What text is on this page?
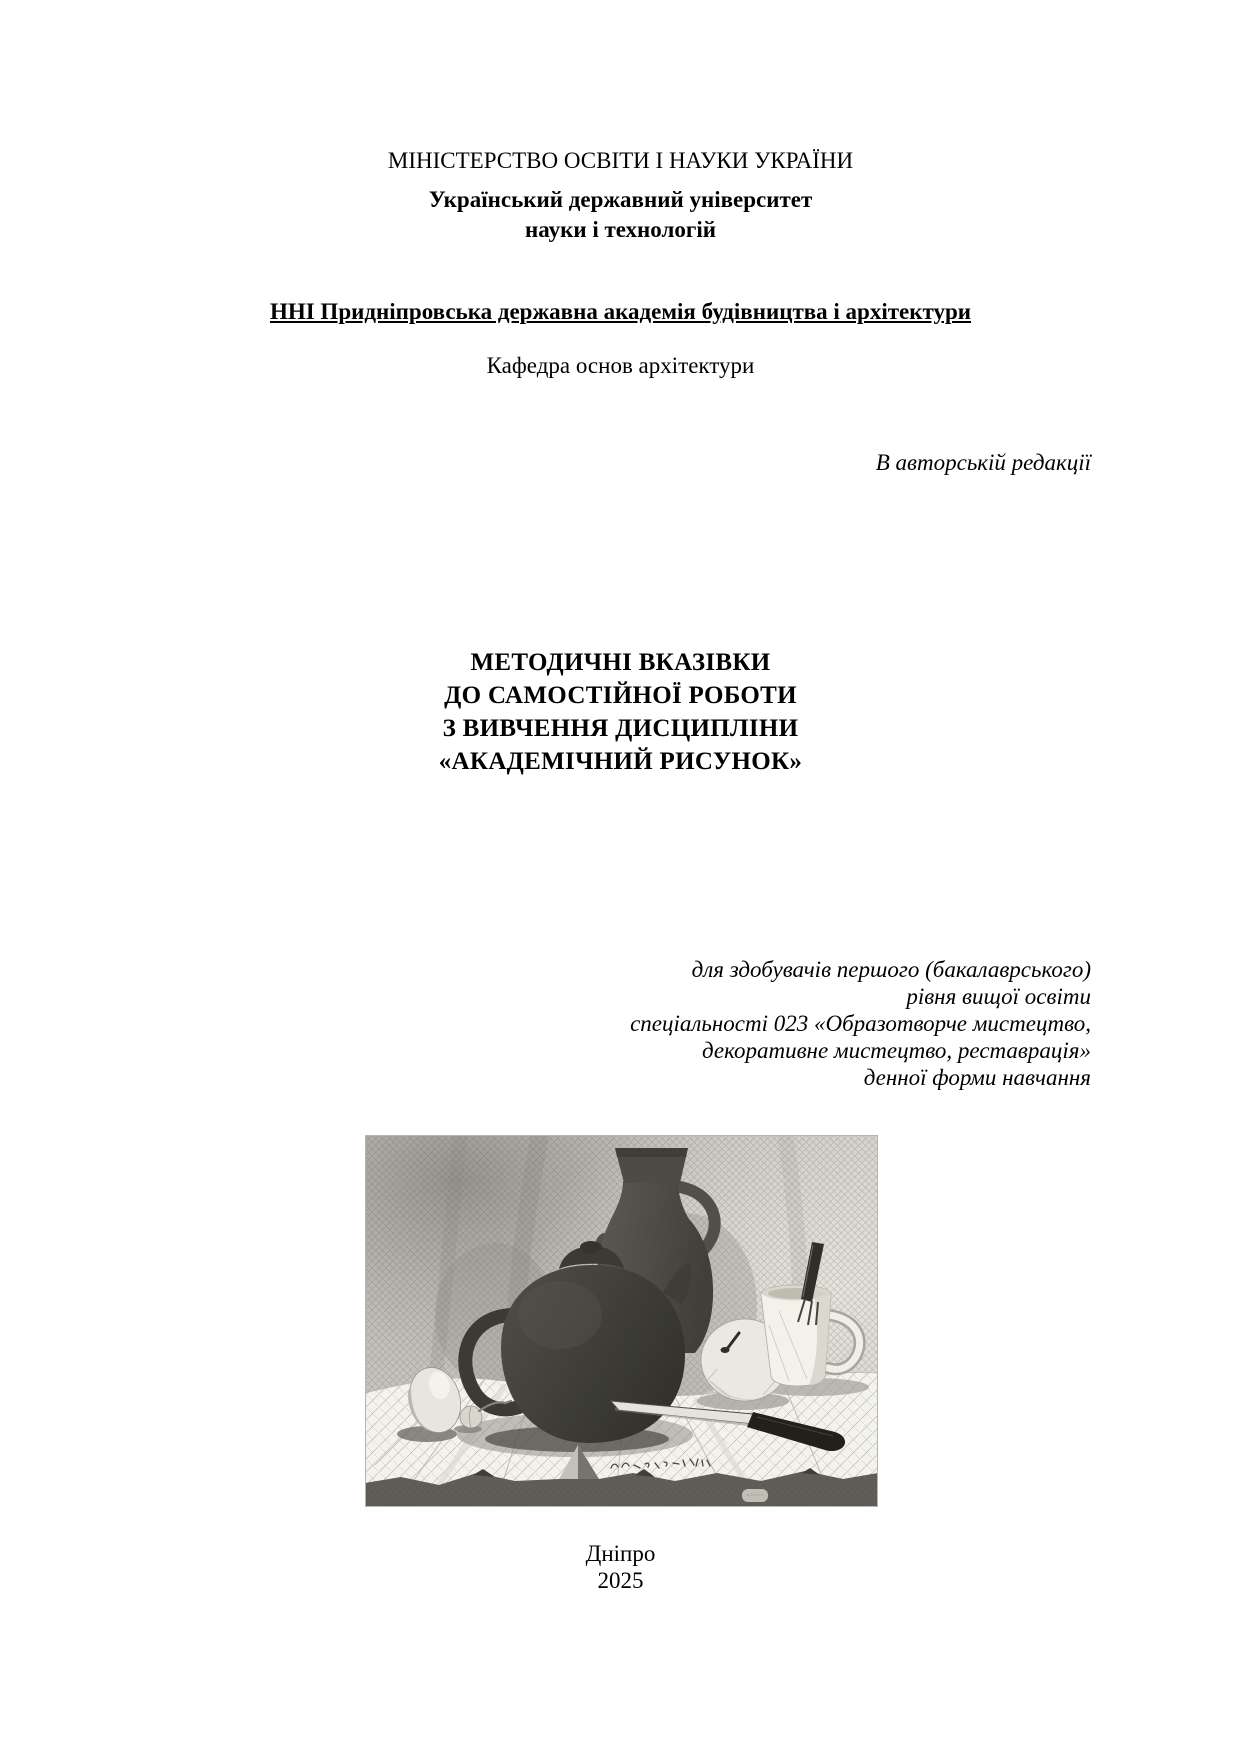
МІНІСТЕРСТВО ОСВІТИ І НАУКИ УКРАЇНИ
Український державний університет
науки і технологій
ННІ Придніпровська державна академія будівництва і архітектури
Кафедра основ архітектури
В авторській редакції
МЕТОДИЧНІ ВКАЗІВКИ
ДО САМОСТІЙНОЇ РОБОТИ
З ВИВЧЕННЯ ДИСЦИПЛІНИ
«АКАДЕМІЧНИЙ РИСУНОК»
для здобувачів першого (бакалаврського)
рівня вищої освіти
спеціальності 023 «Образотворче мистецтво,
декоративне мистецтво, реставрація»
денної форми навчання
Дніпро
2025
